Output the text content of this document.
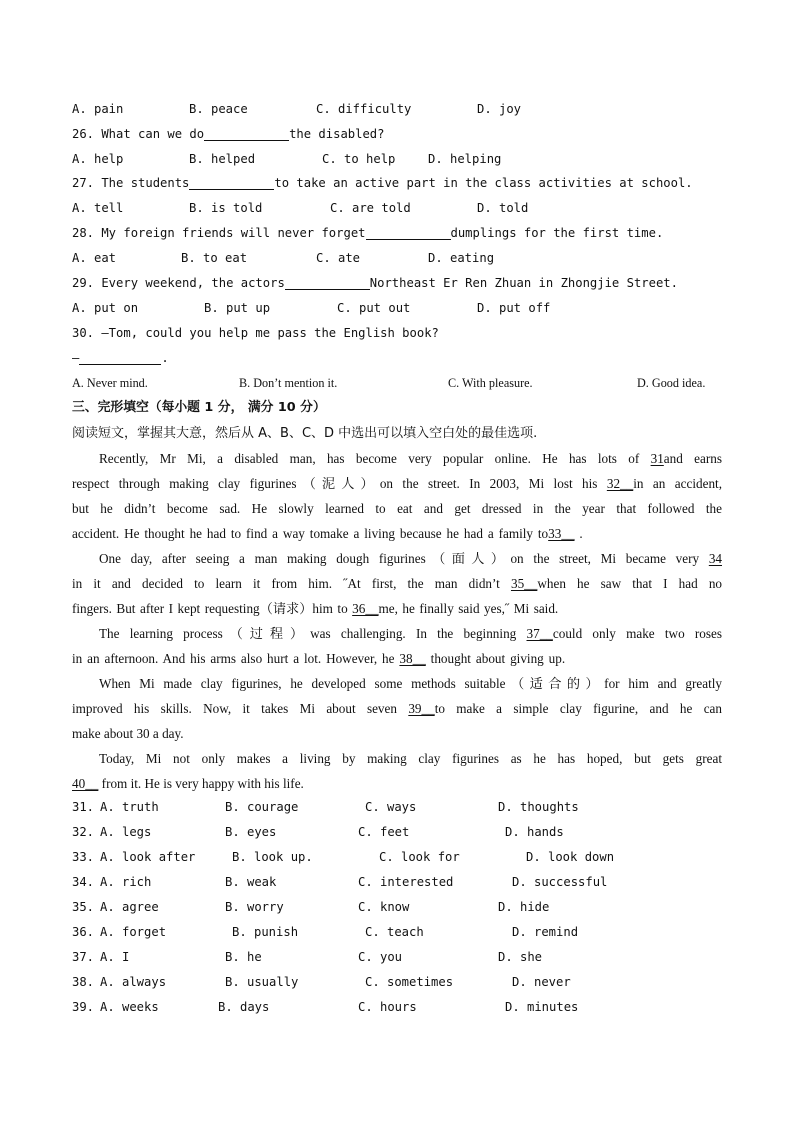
A. pain	B. peace	C. difficulty	D. joy
26. What can we do	the disabled?
A. help	B. helped	C. to help	D. helping
27. The students	to take an active part in the class activities at school.
A. tell	B. is told	C. are told	D. told
28. My foreign friends will never forget	dumplings for the first time.
A. eat	B. to eat	C. ate	D. eating
29. Every weekend, the actors	Northeast Er Ren Zhuan in Zhongjie Street.
A. put on	B. put up	C. put out	D. put off
30. —Tom, could you help me pass the English book?
—	.
A. Never mind.	B. Don’t mention it.	C. With pleasure.	D. Good idea.
三、完形填空（每小题 1 分， 满分 10 分）
阅读短文，掌握其大意，然后从 A、B、C、D 中选出可以填入空白处的最佳选项.
Recently, Mr Mi, a disabled man, has become very popular online. He has lots of 31and earns
respect through making clay figurines（泥人）on the street. In 2003, Mi lost his 32__in an accident,
but he didn’t become sad. He slowly learned to eat and get dressed in the year that followed the
accident. He thought he had to find a way tomake a living because he had a family to33__ .
One day, after seeing a man making dough figurines（面人）on the street, Mi became very 34
in it and decided to learn it from him. ˝At first, the man didn’t 35__when he saw that I had no
fingers. But after I kept requesting（请求）him to 36__me, he finally said yes,˝ Mi said.
The learning process（过程）was challenging. In the beginning 37__could only make two roses
in an afternoon. And his arms also hurt a lot. However, he 38__ thought about giving up.
When Mi made clay figurines, he developed some methods suitable（适合的）for him and greatly
improved his skills. Now, it takes Mi about seven 39__to make a simple clay figurine, and he can
make about 30 a day.
Today, Mi not only makes a living by making clay figurines as he has hoped, but gets great
40__ from it. He is very happy with his life.
31. A. truth	B. courage	C. ways	D. thoughts
32. A. legs	B. eyes	C. feet	D. hands
33. A. look after	B. look up.	C. look for	D. look down
34. A. rich	B. weak	C. interested	D. successful
35. A. agree	B. worry	C. know	D. hide
36. A. forget	B. punish	C. teach	D. remind
37. A. I	B. he	C. you	D. she
38. A. always	B. usually	C. sometimes	D. never
39. A. weeks	B. days	C. hours	D. minutes
